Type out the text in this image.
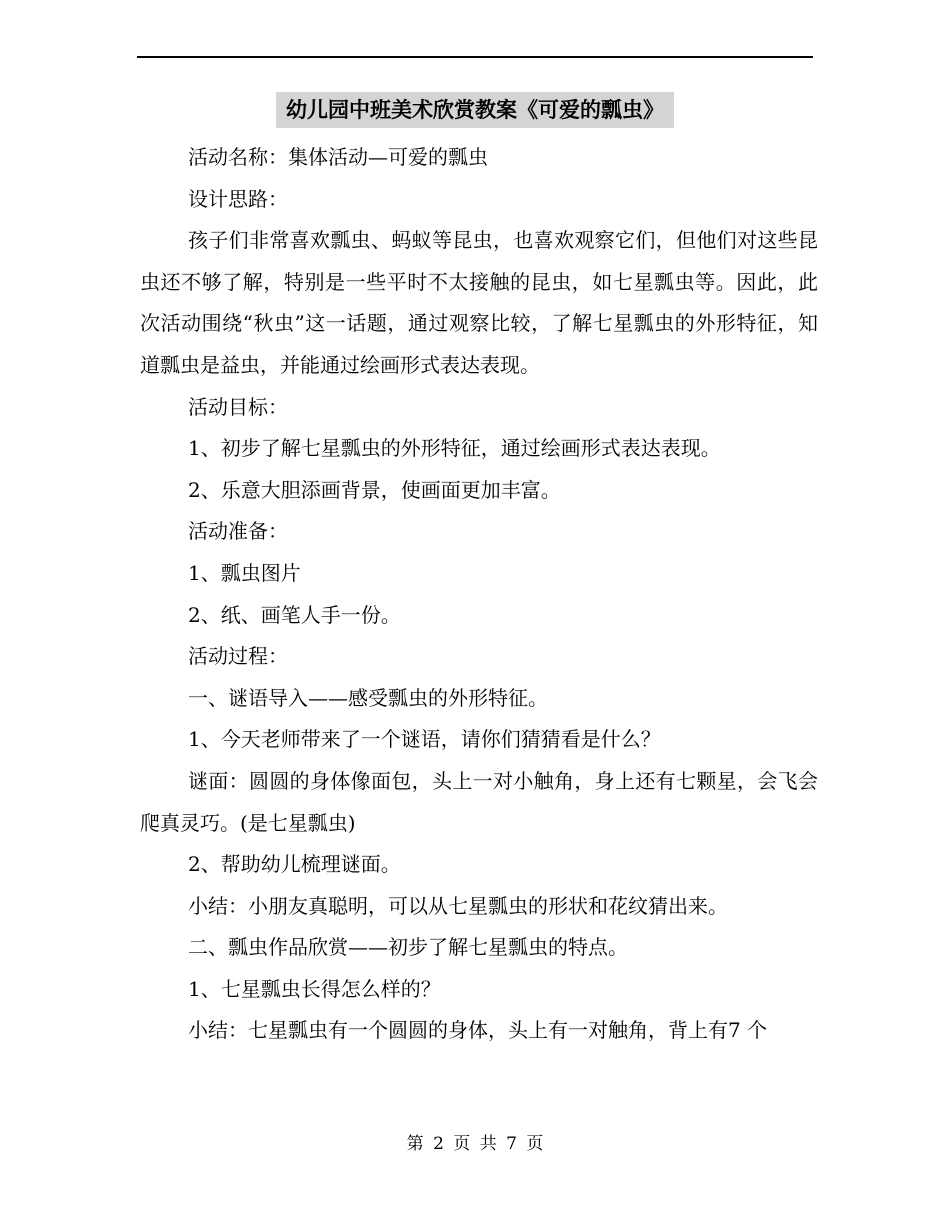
幼儿园中班美术欣赏教案《可爱的瓢虫》

活动名称：集体活动—可爱的瓢虫

设计思路：

孩子们非常喜欢瓢虫、蚂蚁等昆虫，也喜欢观察它们，但他们对这些昆虫还不够了解，特别是一些平时不太接触的昆虫，如七星瓢虫等。因此，此次活动围绕“秋虫”这一话题，通过观察比较，了解七星瓢虫的外形特征，知道瓢虫是益虫，并能通过绘画形式表达表现。

活动目标：

1、初步了解七星瓢虫的外形特征，通过绘画形式表达表现。

2、乐意大胆添画背景，使画面更加丰富。

活动准备：

1、瓢虫图片

2、纸、画笔人手一份。

活动过程：

一、谜语导入——感受瓢虫的外形特征。

1、今天老师带来了一个谜语，请你们猜猜看是什么？

谜面：圆圆的身体像面包，头上一对小触角，身上还有七颗星，会飞会爬真灵巧。(是七星瓢虫)

2、帮助幼儿梳理谜面。

小结：小朋友真聪明，可以从七星瓢虫的形状和花纹猜出来。

二、瓢虫作品欣赏——初步了解七星瓢虫的特点。

1、七星瓢虫长得怎么样的？

小结：七星瓢虫有一个圆圆的身体，头上有一对触角，背上有7 个

第 2 页 共 7 页
